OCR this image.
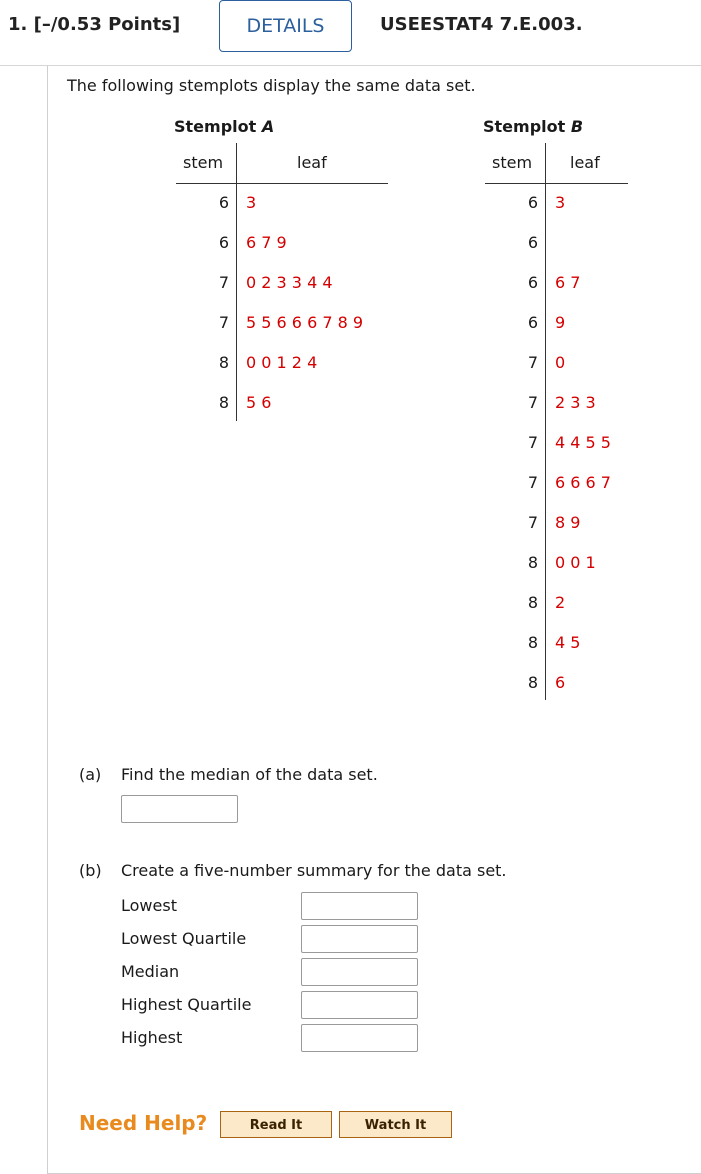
1. [–/0.53 Points]	DETAILS	USEESTAT4 7.E.003.
The following stemplots display the same data set.
Stemplot A
stem	leaf
6 3
6 6 7 9
7 0 2 3 3 4 4
7 5 5 6 6 6 7 8 9
8 0 0 1 2 4
8 5 6
Stemplot B
stem leaf
6 3
6
6 6 7
6 9
7 0
7 2 3 3
7 4 4 5 5
7 6 6 6 7
7 8 9
8 0 0 1
8 2
8 4 5
8 6
(a) Find the median of the data set.
(b) Create a five-number summary for the data set.
Lowest
Lowest Quartile
Median
Highest Quartile
Highest
Need Help?	Read It	Watch It
